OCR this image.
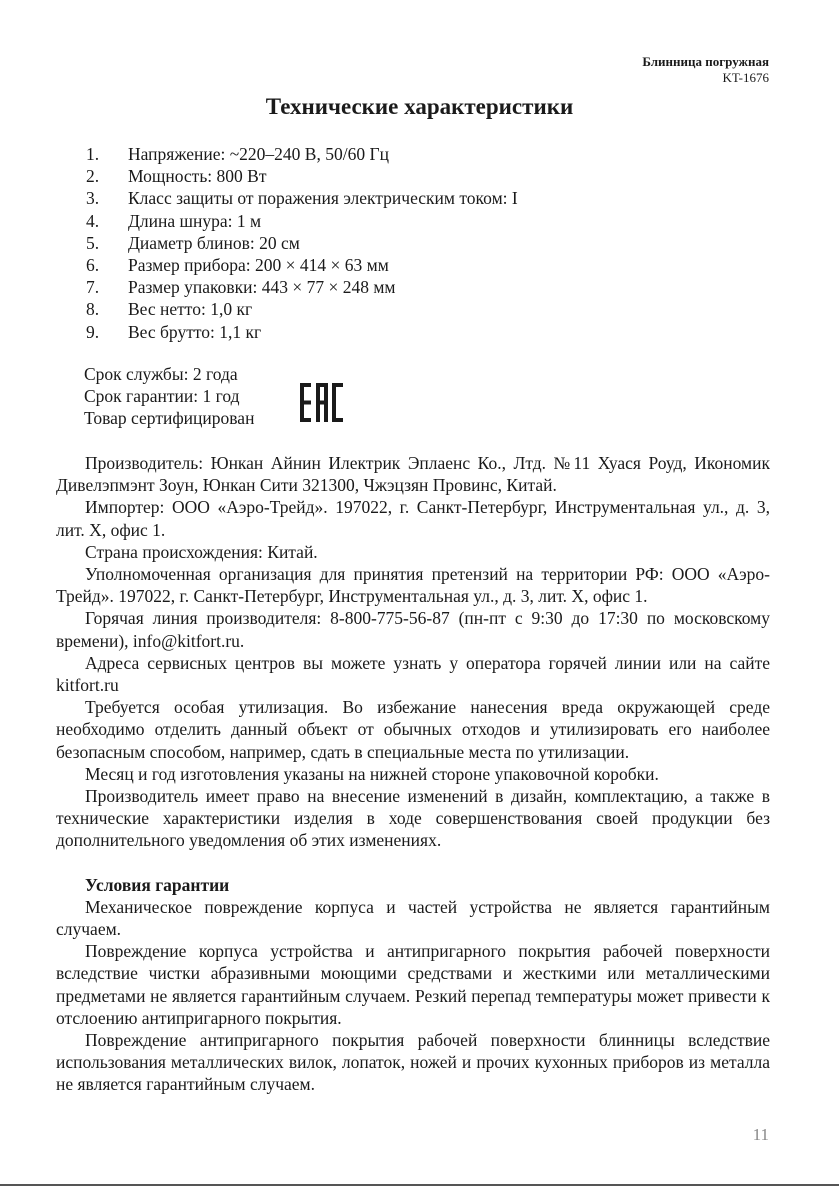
Блинница погружная
KT-1676
Технические характеристики
1.	Напряжение: ~220–240 В, 50/60 Гц
2.	Мощность: 800 Вт
3.	Класс защиты от поражения электрическим током: I
4.	Длина шнура: 1 м
5.	Диаметр блинов: 20 см
6.	Размер прибора: 200 × 414 × 63 мм
7.	Размер упаковки: 443 × 77 × 248 мм
8.	Вес нетто: 1,0 кг
9.	Вес брутто: 1,1 кг
Срок службы: 2 года
Срок гарантии: 1 год
Товар сертифицирован

Производитель: Юнкан Айнин Илектрик Эплаенс Ко., Лтд. №11 Хуася Роуд, Икономик Дивелэпмэнт Зоун, Юнкан Сити 321300, Чжэцзян Провинс, Китай.

Импортер: ООО «Аэро-Трейд». 197022, г. Санкт-Петербург, Инструментальная ул., д. 3, лит. Х, офис 1.

Страна происхождения: Китай.

Уполномоченная организация для принятия претензий на территории РФ: ООО «Аэро-Трейд». 197022, г. Санкт-Петербург, Инструментальная ул., д. 3, лит. Х, офис 1.

Горячая линия производителя: 8-800-775-56-87 (пн-пт с 9:30 до 17:30 по московскому времени), info@kitfort.ru.

Адреса сервисных центров вы можете узнать у оператора горячей линии или на сайте kitfort.ru

Требуется особая утилизация. Во избежание нанесения вреда окружающей среде необходимо отделить данный объект от обычных отходов и утилизировать его наиболее безопасным способом, например, сдать в специальные места по утилизации.

Месяц и год изготовления указаны на нижней стороне упаковочной коробки.

Производитель имеет право на внесение изменений в дизайн, комплектацию, а также в технические характеристики изделия в ходе совершенствования своей продукции без дополнительного уведомления об этих изменениях.

Условия гарантии

Механическое повреждение корпуса и частей устройства не является гарантийным случаем.

Повреждение корпуса устройства и антипригарного покрытия рабочей поверхности вследствие чистки абразивными моющими средствами и жесткими или металлическими предметами не является гарантийным случаем. Резкий перепад температуры может привести к отслоению антипригарного покрытия.

Повреждение антипригарного покрытия рабочей поверхности блинницы вследствие использования металлических вилок, лопаток, ножей и прочих кухонных приборов из металла не является гарантийным случаем.

11
